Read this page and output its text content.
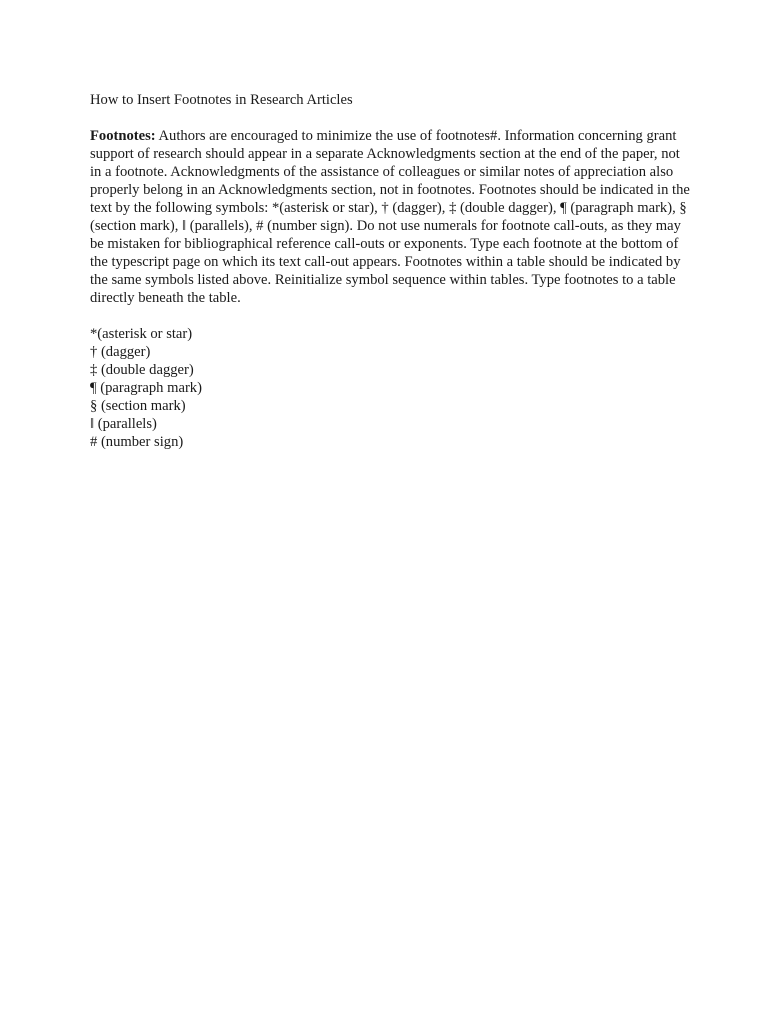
How to Insert Footnotes in Research Articles

Footnotes: Authors are encouraged to minimize the use of footnotes#. Information concerning grant support of research should appear in a separate Acknowledgments section at the end of the paper, not in a footnote. Acknowledgments of the assistance of colleagues or similar notes of appreciation also properly belong in an Acknowledgments section, not in footnotes. Footnotes should be indicated in the text by the following symbols: *(asterisk or star), † (dagger), ‡ (double dagger), ¶ (paragraph mark), § (section mark), ǁ (parallels), # (number sign). Do not use numerals for footnote call-outs, as they may be mistaken for bibliographical reference call-outs or exponents. Type each footnote at the bottom of the typescript page on which its text call-out appears. Footnotes within a table should be indicated by the same symbols listed above. Reinitialize symbol sequence within tables. Type footnotes to a table directly beneath the table.

*(asterisk or star)
† (dagger)
‡ (double dagger)
¶ (paragraph mark)
§ (section mark)
ǁ (parallels)
# (number sign)
